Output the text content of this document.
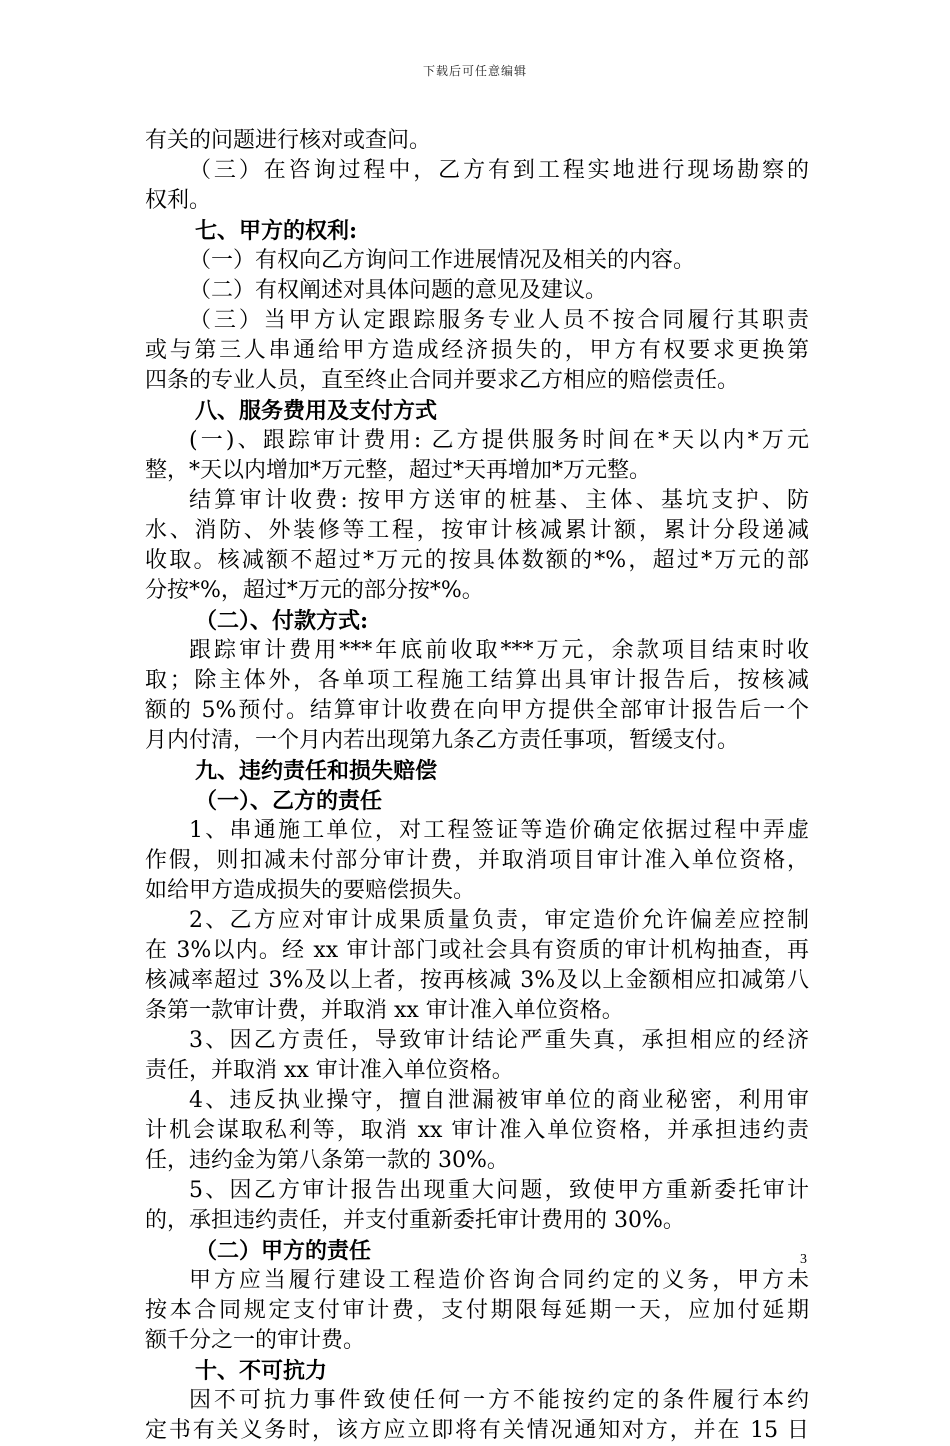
下载后可任意编辑
有关的问题进行核对或查问。
（三）在咨询过程中，乙方有到工程实地进行现场勘察的
权利。
七、甲方的权利:
（一）有权向乙方询问工作进展情况及相关的内容。
（二）有权阐述对具体问题的意见及建议。
（三）当甲方认定跟踪服务专业人员不按合同履行其职责
或与第三人串通给甲方造成经济损失的，甲方有权要求更换第
四条的专业人员，直至终止合同并要求乙方相应的赔偿责任。
八、服务费用及支付方式
(一)、跟踪审计费用: 乙方提供服务时间在*天以内*万元
整，*天以内增加*万元整，超过*天再增加*万元整。
结算审计收费: 按甲方送审的桩基、主体、基坑支护、防
水、消防、外装修等工程，按审计核减累计额，累计分段递减
收取。核减额不超过*万元的按具体数额的*%，超过*万元的部
分按*%，超过*万元的部分按*%。
（二）、付款方式:
跟踪审计费用***年底前收取***万元，余款项目结束时收
取；除主体外，各单项工程施工结算出具审计报告后，按核减
额的 5%预付。结算审计收费在向甲方提供全部审计报告后一个
月内付清，一个月内若出现第九条乙方责任事项，暂缓支付。
九、违约责任和损失赔偿
（一）、乙方的责任
1、串通施工单位，对工程签证等造价确定依据过程中弄虚
作假，则扣减未付部分审计费，并取消项目审计准入单位资格，
如给甲方造成损失的要赔偿损失。
2、乙方应对审计成果质量负责，审定造价允许偏差应控制
在 3%以内。经 xx 审计部门或社会具有资质的审计机构抽查，再
核减率超过 3%及以上者，按再核减 3%及以上金额相应扣减第八
条第一款审计费，并取消 xx 审计准入单位资格。
3、因乙方责任，导致审计结论严重失真，承担相应的经济
责任，并取消 xx 审计准入单位资格。
4、违反执业操守，擅自泄漏被审单位的商业秘密，利用审
计机会谋取私利等，取消 xx 审计准入单位资格，并承担违约责
任，违约金为第八条第一款的 30%。
5、因乙方审计报告出现重大问题，致使甲方重新委托审计
的，承担违约责任，并支付重新委托审计费用的 30%。
（二）甲方的责任
甲方应当履行建设工程造价咨询合同约定的义务，甲方未
按本合同规定支付审计费，支付期限每延期一天，应加付延期
额千分之一的审计费。
十、不可抗力
因不可抗力事件致使任何一方不能按约定的条件履行本约
定书有关义务时，该方应立即将有关情况通知对方，并在 15 日
3
